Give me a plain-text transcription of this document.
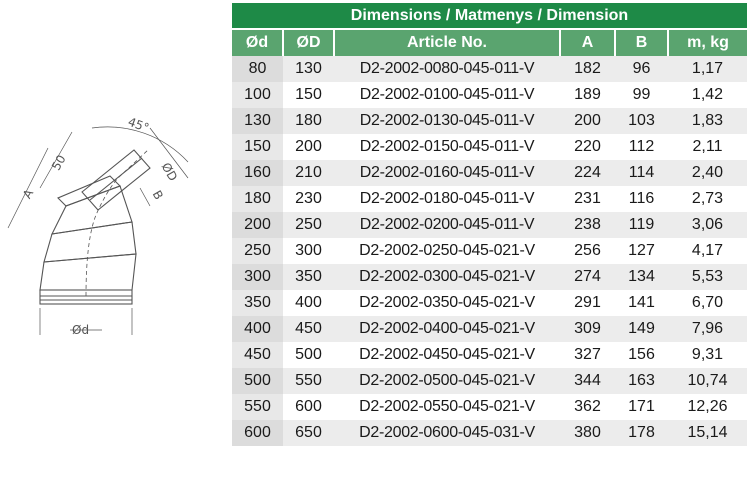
45°
A
50
B
ØD
Ød
Dimensions / Matmenys / Dimension					
Ød	ØD	Article No.	A	B	m, kg
80	130	D2-2002-0080-045-011-V	182	96	1,17
100	150	D2-2002-0100-045-011-V	189	99	1,42
130	180	D2-2002-0130-045-011-V	200	103	1,83
150	200	D2-2002-0150-045-011-V	220	112	2,11
160	210	D2-2002-0160-045-011-V	224	114	2,40
180	230	D2-2002-0180-045-011-V	231	116	2,73
200	250	D2-2002-0200-045-011-V	238	119	3,06
250	300	D2-2002-0250-045-021-V	256	127	4,17
300	350	D2-2002-0300-045-021-V	274	134	5,53
350	400	D2-2002-0350-045-021-V	291	141	6,70
400	450	D2-2002-0400-045-021-V	309	149	7,96
450	500	D2-2002-0450-045-021-V	327	156	9,31
500	550	D2-2002-0500-045-021-V	344	163	10,74
550	600	D2-2002-0550-045-021-V	362	171	12,26
600	650	D2-2002-0600-045-031-V	380	178	15,14
